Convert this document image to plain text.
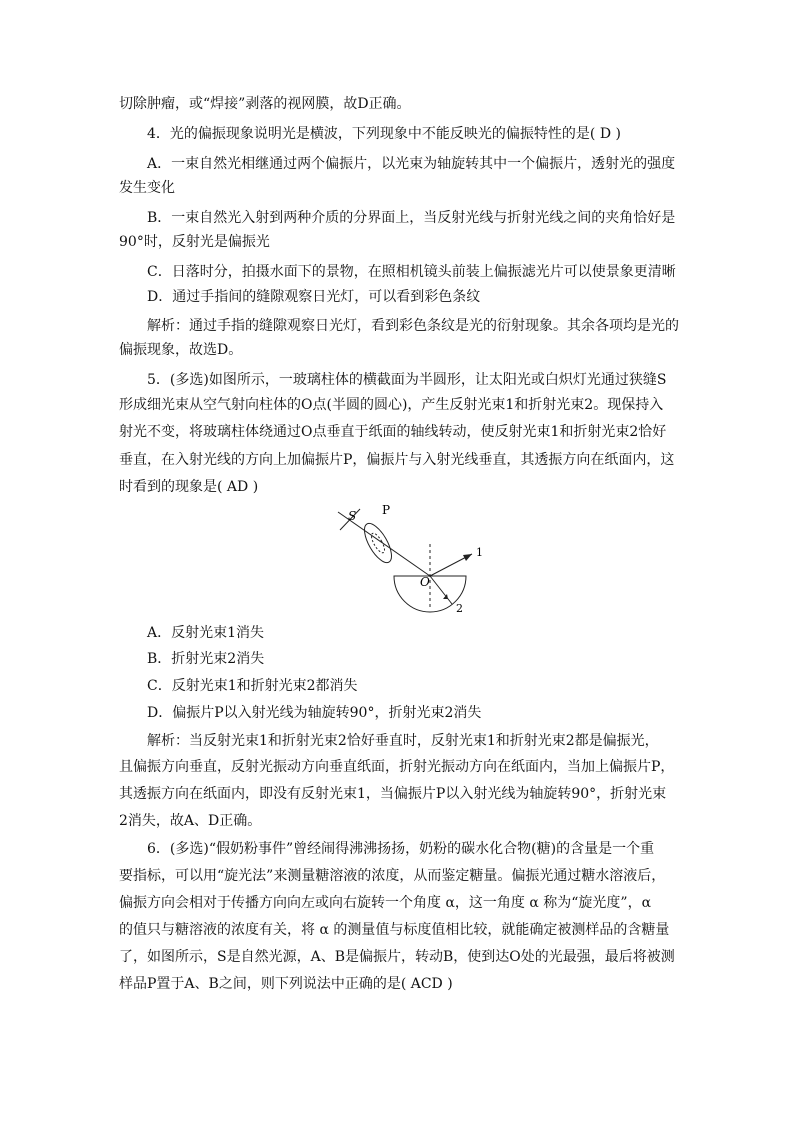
切除肿瘤，或“焊接”剥落的视网膜，故D正确。
4．光的偏振现象说明光是横波，下列现象中不能反映光的偏振特性的是( D )
A．一束自然光相继通过两个偏振片，以光束为轴旋转其中一个偏振片，透射光的强度
发生变化
B．一束自然光入射到两种介质的分界面上，当反射光线与折射光线之间的夹角恰好是
90°时，反射光是偏振光
C．日落时分，拍摄水面下的景物，在照相机镜头前装上偏振滤光片可以使景象更清晰
D．通过手指间的缝隙观察日光灯，可以看到彩色条纹
解析：通过手指的缝隙观察日光灯，看到彩色条纹是光的衍射现象。其余各项均是光的
偏振现象，故选D。
5．(多选)如图所示，一玻璃柱体的横截面为半圆形，让太阳光或白炽灯光通过狭缝S
形成细光束从空气射向柱体的O点(半圆的圆心)，产生反射光束1和折射光束2。现保持入
射光不变，将玻璃柱体绕通过O点垂直于纸面的轴线转动，使反射光束1和折射光束2恰好
垂直，在入射光线的方向上加偏振片P，偏振片与入射光线垂直，其透振方向在纸面内，这
时看到的现象是( AD )
S P
O
1
2
A．反射光束1消失
B．折射光束2消失
C．反射光束1和折射光束2都消失
D．偏振片P以入射光线为轴旋转90°，折射光束2消失
解析：当反射光束1和折射光束2恰好垂直时，反射光束1和折射光束2都是偏振光，
且偏振方向垂直，反射光振动方向垂直纸面，折射光振动方向在纸面内，当加上偏振片P，
其透振方向在纸面内，即没有反射光束1，当偏振片P以入射光线为轴旋转90°，折射光束
2消失，故A、D正确。
6．(多选)“假奶粉事件”曾经闹得沸沸扬扬，奶粉的碳水化合物(糖)的含量是一个重
要指标，可以用“旋光法”来测量糖溶液的浓度，从而鉴定糖量。偏振光通过糖水溶液后，
偏振方向会相对于传播方向向左或向右旋转一个角度 α，这一角度 α 称为“旋光度”，α
的值只与糖溶液的浓度有关，将 α 的测量值与标度值相比较，就能确定被测样品的含糖量
了，如图所示，S是自然光源，A、B是偏振片，转动B，使到达O处的光最强，最后将被测
样品P置于A、B之间，则下列说法中正确的是( ACD )
